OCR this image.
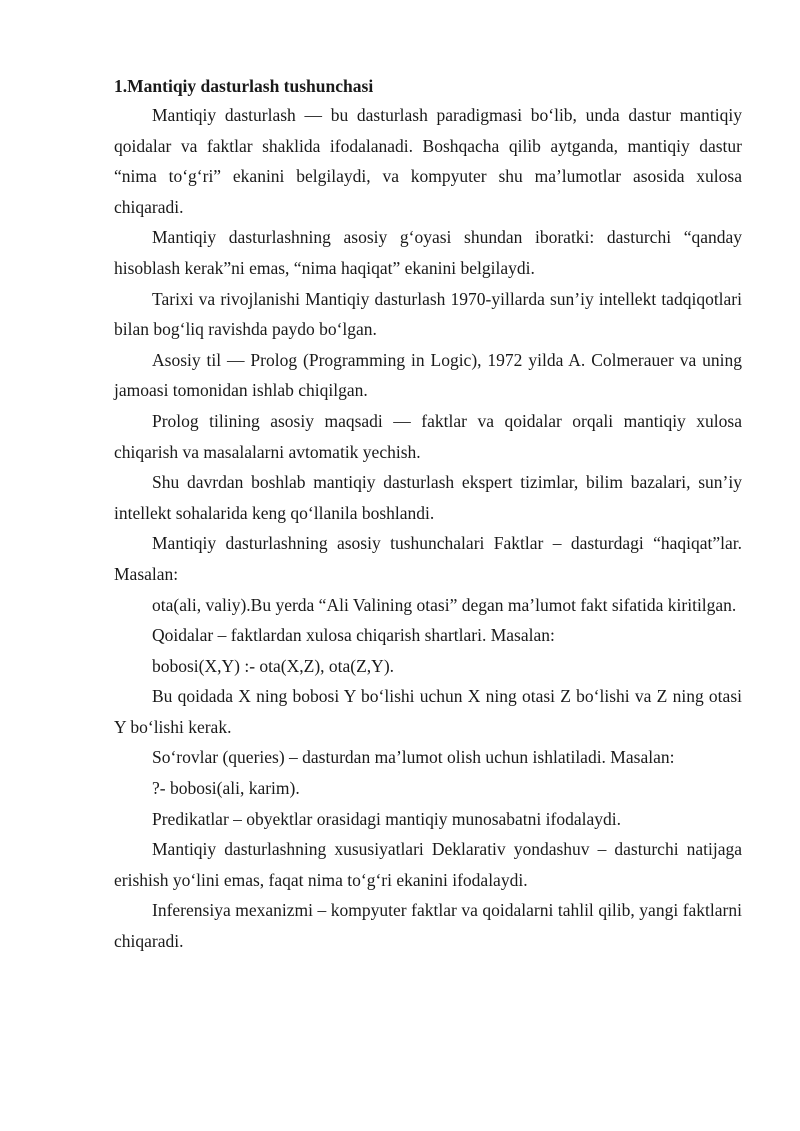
1.Mantiqiy dasturlash tushunchasi

Mantiqiy dasturlash — bu dasturlash paradigmasi bo‘lib, unda dastur mantiqiy qoidalar va faktlar shaklida ifodalanadi. Boshqacha qilib aytganda, mantiqiy dastur “nima to‘g‘ri” ekanini belgilaydi, va kompyuter shu ma’lumotlar asosida xulosa chiqaradi.

Mantiqiy dasturlashning asosiy g‘oyasi shundan iboratki: dasturchi “qanday hisoblash kerak”ni emas, “nima haqiqat” ekanini belgilaydi.

Tarixi va rivojlanishi Mantiqiy dasturlash 1970-yillarda sun’iy intellekt tadqiqotlari bilan bog‘liq ravishda paydo bo‘lgan.

Asosiy til — Prolog (Programming in Logic), 1972 yilda A. Colmerauer va uning jamoasi tomonidan ishlab chiqilgan.

Prolog tilining asosiy maqsadi — faktlar va qoidalar orqali mantiqiy xulosa chiqarish va masalalarni avtomatik yechish.

Shu davrdan boshlab mantiqiy dasturlash ekspert tizimlar, bilim bazalari, sun’iy intellekt sohalarida keng qo‘llanila boshlandi.

Mantiqiy dasturlashning asosiy tushunchalari Faktlar – dasturdagi “haqiqat”lar. Masalan:

ota(ali, valiy).Bu yerda “Ali Valining otasi” degan ma’lumot fakt sifatida kiritilgan.

Qoidalar – faktlardan xulosa chiqarish shartlari. Masalan:

bobosi(X,Y) :- ota(X,Z), ota(Z,Y).

Bu qoidada X ning bobosi Y bo‘lishi uchun X ning otasi Z bo‘lishi va Z ning otasi Y bo‘lishi kerak.

So‘rovlar (queries) – dasturdan ma’lumot olish uchun ishlatiladi. Masalan:

?- bobosi(ali, karim).

Predikatlar – obyektlar orasidagi mantiqiy munosabatni ifodalaydi.

Mantiqiy dasturlashning xususiyatlari Deklarativ yondashuv – dasturchi natijaga erishish yo‘lini emas, faqat nima to‘g‘ri ekanini ifodalaydi.

Inferensiya mexanizmi – kompyuter faktlar va qoidalarni tahlil qilib, yangi faktlarni chiqaradi.
